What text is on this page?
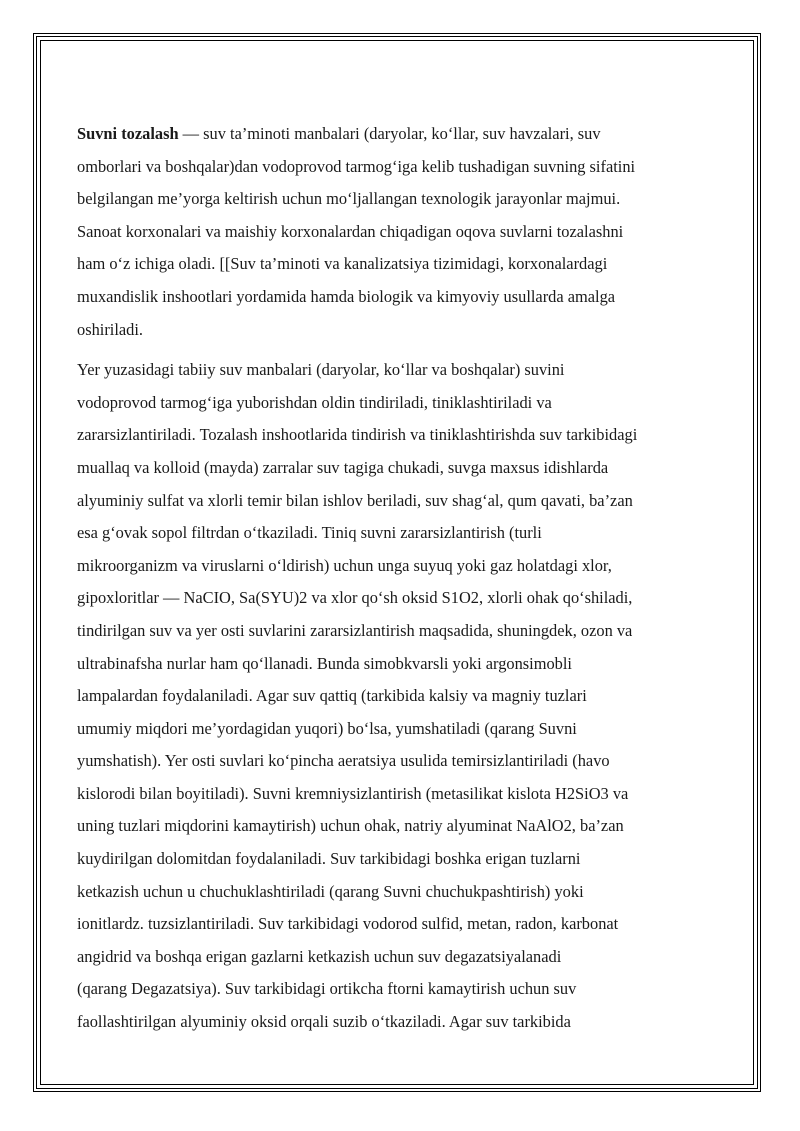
Suvni tozalash — suv ta’minoti manbalari (daryolar, ko‘llar, suv havzalari, suv
omborlari va boshqalar)dan vodoprovod tarmog‘iga kelib tushadigan suvning sifatini
belgilangan me’yorga keltirish uchun mo‘ljallangan texnologik jarayonlar majmui.
Sanoat korxonalari va maishiy korxonalardan chiqadigan oqova suvlarni tozalashni
ham o‘z ichiga oladi. [[Suv ta’minoti va kanalizatsiya tizimidagi, korxonalardagi
muxandislik inshootlari yordamida hamda biologik va kimyoviy usullarda amalga
oshiriladi.

Yer yuzasidagi tabiiy suv manbalari (daryolar, ko‘llar va boshqalar) suvini
vodoprovod tarmog‘iga yuborishdan oldin tindiriladi, tiniklashtiriladi va
zararsizlantiriladi. Tozalash inshootlarida tindirish va tiniklashtirishda suv tarkibidagi
muallaq va kolloid (mayda) zarralar suv tagiga chukadi, suvga maxsus idishlarda
alyuminiy sulfat va xlorli temir bilan ishlov beriladi, suv shag‘al, qum qavati, ba’zan
esa g‘ovak sopol filtrdan o‘tkaziladi. Tiniq suvni zararsizlantirish (turli
mikroorganizm va viruslarni o‘ldirish) uchun unga suyuq yoki gaz holatdagi xlor,
gipoxloritlar — NaCIO, Sa(SYU)2 va xlor qo‘sh oksid S1O2, xlorli ohak qo‘shiladi,
tindirilgan suv va yer osti suvlarini zararsizlantirish maqsadida, shuningdek, ozon va
ultrabinafsha nurlar ham qo‘llanadi. Bunda simobkvarsli yoki argonsimobli
lampalardan foydalaniladi. Agar suv qattiq (tarkibida kalsiy va magniy tuzlari
umumiy miqdori me’yordagidan yuqori) bo‘lsa, yumshatiladi (qarang Suvni
yumshatish). Yer osti suvlari ko‘pincha aeratsiya usulida temirsizlantiriladi (havo
kislorodi bilan boyitiladi). Suvni kremniysizlantirish (metasilikat kislota H2SiO3 va
uning tuzlari miqdorini kamaytirish) uchun ohak, natriy alyuminat NaAlO2, ba’zan
kuydirilgan dolomitdan foydalaniladi. Suv tarkibidagi boshka erigan tuzlarni
ketkazish uchun u chuchuklashtiriladi (qarang Suvni chuchukpashtirish) yoki
ionitlardz. tuzsizlantiriladi. Suv tarkibidagi vodorod sulfid, metan, radon, karbonat
angidrid va boshqa erigan gazlarni ketkazish uchun suv degazatsiyalanadi
(qarang Degazatsiya). Suv tarkibidagi ortikcha ftorni kamaytirish uchun suv
faollashtirilgan alyuminiy oksid orqali suzib o‘tkaziladi. Agar suv tarkibida
